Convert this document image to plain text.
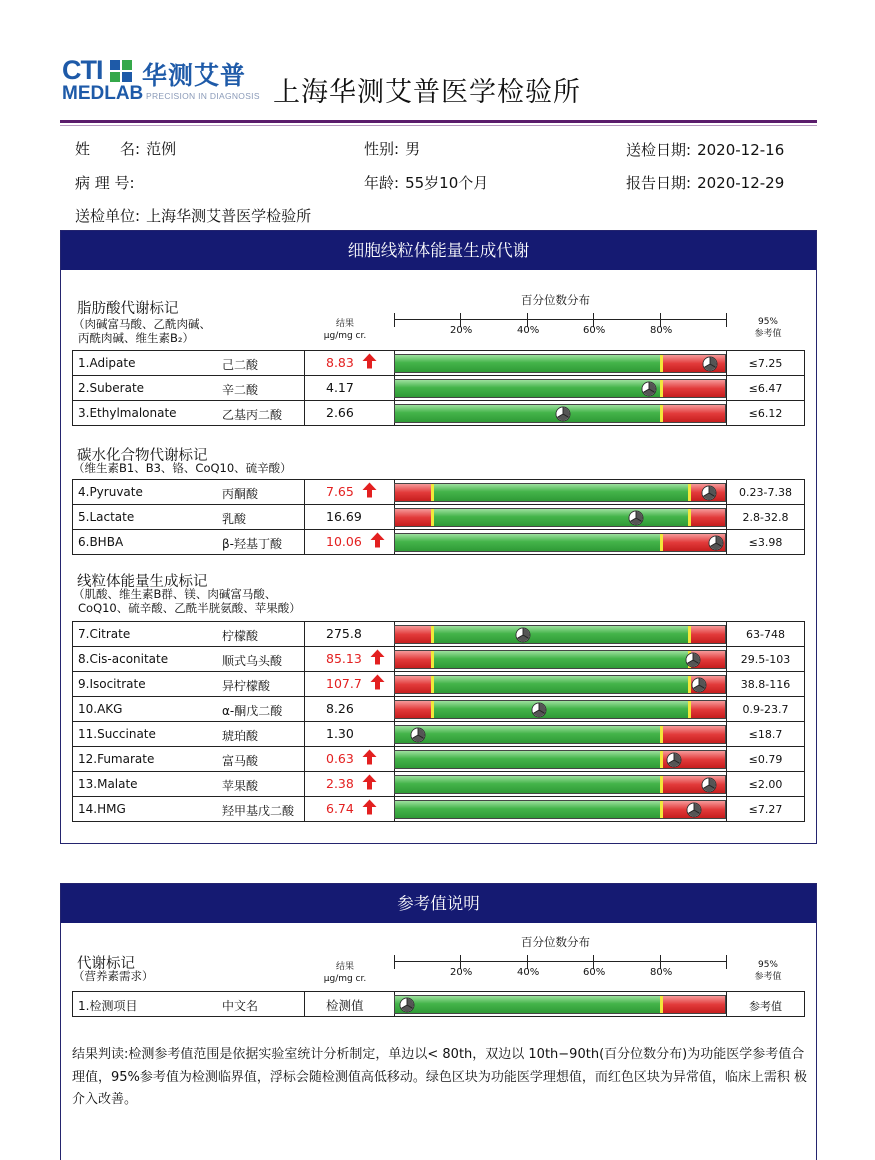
CTI 华测艾普
MEDLAB PRECISION IN DIAGNOSIS 上海华测艾普医学检验所
姓　　名: 范例	性别: 男	送检日期: 2020-12-16
病 理 号:	年龄: 55岁10个月	报告日期: 2020-12-29
送检单位: 上海华测艾普医学检验所
细胞线粒体能量生成代谢
百分位数分布
结果
μg/mg cr.	20%	40%	60%	80%
95%
参考值
脂肪酸代谢标记
（肉碱富马酸、乙酰肉碱、
丙酰肉碱、维生素B₂）
碳水化合物代谢标记
（维生素B1、B3、铬、CoQ10、硫辛酸）
线粒体能量生成标记
（肌酸、维生素B群、镁、肉碱富马酸、
CoQ10、硫辛酸、乙酰半胱氨酸、苹果酸）
1.Adipate	己二酸	8.83	≤7.25
2.Suberate	辛二酸	4.17	≤6.47
3.Ethylmalonate	乙基丙二酸	2.66	≤6.12
4.Pyruvate	丙酮酸	7.65	0.23-7.38
5.Lactate	乳酸	16.69	2.8-32.8
6.BHBA	β-羟基丁酸	10.06	≤3.98
7.Citrate	柠檬酸	275.8	63-748
8.Cis-aconitate	顺式乌头酸	85.13	29.5-103
9.Isocitrate	异柠檬酸	107.7	38.8-116
10.AKG	α-酮戊二酸	8.26	0.9-23.7
11.Succinate	琥珀酸	1.30	≤18.7
12.Fumarate	富马酸	0.63	≤0.79
13.Malate	苹果酸	2.38	≤2.00
14.HMG	羟甲基戊二酸	6.74	≤7.27
参考值说明
百分位数分布
结果
μg/mg cr.
20%	40%	60%	80%
95%
参考值
代谢标记
（营养素需求）
1.检测项目	中文名	检测值	参考值
结果判读:检测参考值范围是依据实验室统计分析制定，单边以< 80th，双边以 10th−90th(百分位数分布)为功能医学参考值合理值，95%参考值为检测临界值，浮标会随检测值高低移动。绿色区块为功能医学理想值，而红色区块为异常值，临床上需积 极 介入改善。
